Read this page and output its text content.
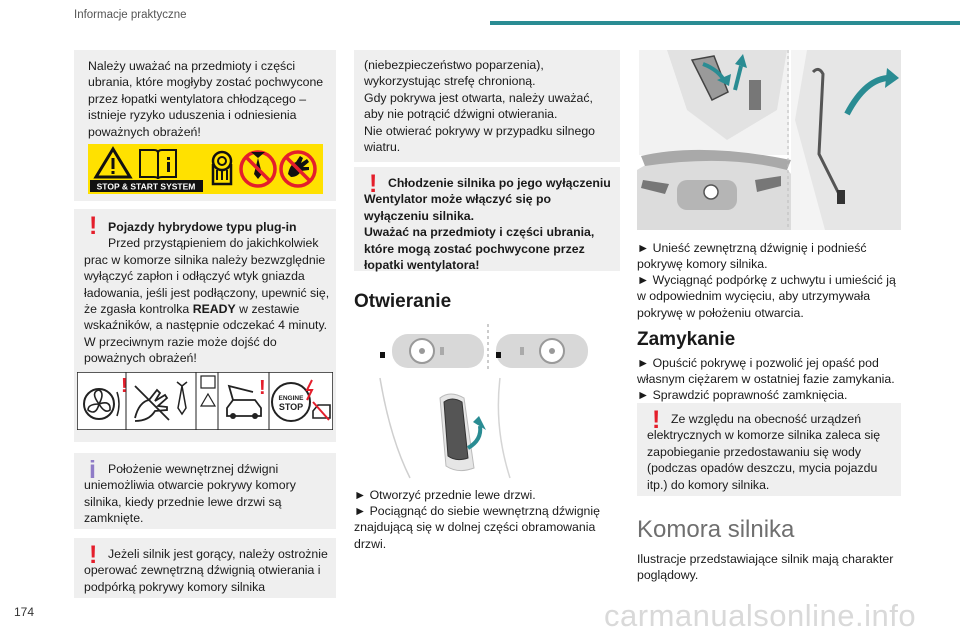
Informacje praktyczne
Należy uważać na przedmioty i części ubrania, które mogłyby zostać pochwycone przez łopatki wentylatora chłodzącego – istnieje ryzyko uduszenia i odniesienia poważnych obrażeń!
STOP & START SYSTEM
! Pojazdy hybrydowe typu plug-in
Przed przystąpieniem do jakichkolwiek prac w komorze silnika należy bezwzględnie wyłączyć zapłon i odłączyć wtyk gniazda ładowania, jeśli jest podłączony, upewnić się, że zgasła kontrolka READY w zestawie wskaźników, a następnie odczekać 4 minuty. W przeciwnym razie może dojść do poważnych obrażeń!
!	! ENGINE
STOP
i Położenie wewnętrznej dźwigni uniemożliwia otwarcie pokrywy komory silnika, kiedy przednie lewe drzwi są zamknięte.
! Jeżeli silnik jest gorący, należy ostrożnie operować zewnętrzną dźwignią otwierania i podpórką pokrywy komory silnika
(niebezpieczeństwo poparzenia), wykorzystując strefę chronioną.
Gdy pokrywa jest otwarta, należy uważać, aby nie potrącić dźwigni otwierania.
Nie otwierać pokrywy w przypadku silnego wiatru.
! Chłodzenie silnika po jego wyłączeniu
Wentylator może włączyć się po wyłączeniu silnika.
Uważać na przedmioty i części ubrania, które mogą zostać pochwycone przez łopatki wentylatora!
Otwieranie
► Otworzyć przednie lewe drzwi.
► Pociągnąć do siebie wewnętrzną dźwignię znajdującą się w dolnej części obramowania drzwi.
► Unieść zewnętrzną dźwignię i podnieść pokrywę komory silnika.
► Wyciągnąć podpórkę z uchwytu i umieścić ją w odpowiednim wycięciu, aby utrzymywała pokrywę w położeniu otwarcia.
Zamykanie
► Opuścić pokrywę i pozwolić jej opaść pod własnym ciężarem w ostatniej fazie zamykania.
► Sprawdzić poprawność zamknięcia.
! Ze względu na obecność urządzeń elektrycznych w komorze silnika zaleca się zapobieganie przedostawaniu się wody (podczas opadów deszczu, mycia pojazdu itp.) do komory silnika.
Komora silnika
Ilustracje przedstawiające silnik mają charakter poglądowy.
174	carmanualsonline.info
